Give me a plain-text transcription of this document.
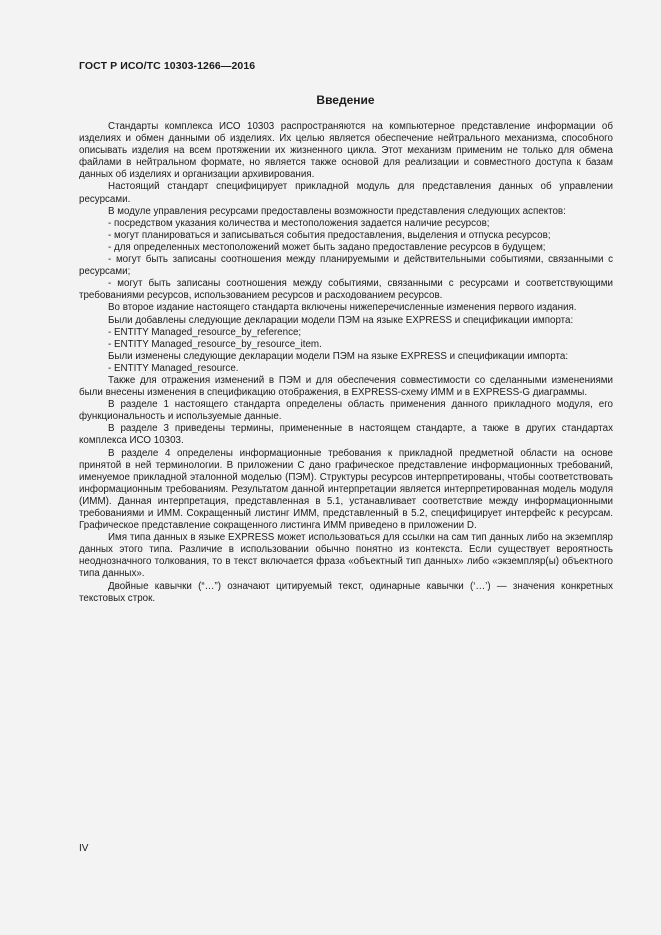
ГОСТ Р ИСО/ТС 10303-1266—2016
Введение

Стандарты комплекса ИСО 10303 распространяются на компьютерное представление информации об изделиях и обмен данными об изделиях. Их целью является обеспечение нейтрального механизма, способного описывать изделия на всем протяжении их жизненного цикла. Этот механизм применим не только для обмена файлами в нейтральном формате, но является также основой для реализации и совместного доступа к базам данных об изделиях и организации архивирования.

Настоящий стандарт специфицирует прикладной модуль для представления данных об управлении ресурсами.

В модуле управления ресурсами предоставлены возможности представления следующих аспектов:

- посредством указания количества и местоположения задается наличие ресурсов;

- могут планироваться и записываться события предоставления, выделения и отпуска ресурсов;

- для определенных местоположений может быть задано предоставление ресурсов в будущем;

- могут быть записаны соотношения между планируемыми и действительными событиями, связанными с ресурсами;

- могут быть записаны соотношения между событиями, связанными с ресурсами и соответствующими требованиями ресурсов, использованием ресурсов и расходованием ресурсов.

Во второе издание настоящего стандарта включены нижеперечисленные изменения первого издания.

Были добавлены следующие декларации модели ПЭМ на языке EXPRESS и спецификации импорта:

- ENTITY Managed_resource_by_reference;

- ENTITY Managed_resource_by_resource_item.

Были изменены следующие декларации модели ПЭМ на языке EXPRESS и спецификации импорта:

- ENTITY Managed_resource.

Также для отражения изменений в ПЭМ и для обеспечения совместимости со сделанными изменениями были внесены изменения в спецификацию отображения, в EXPRESS-схему ИММ и в EXPRESS-G диаграммы.

В разделе 1 настоящего стандарта определены область применения данного прикладного модуля, его функциональность и используемые данные.

В разделе 3 приведены термины, примененные в настоящем стандарте, а также в других стандартах комплекса ИСО 10303.

В разделе 4 определены информационные требования к прикладной предметной области на основе принятой в ней терминологии. В приложении С дано графическое представление информационных требований, именуемое прикладной эталонной моделью (ПЭМ). Структуры ресурсов интерпретированы, чтобы соответствовать информационным требованиям. Результатом данной интерпретации является интерпретированная модель модуля (ИММ). Данная интерпретация, представленная в 5.1, устанавливает соответствие между информационными требованиями и ИММ. Сокращенный листинг ИММ, представленный в 5.2, специфицирует интерфейс к ресурсам. Графическое представление сокращенного листинга ИММ приведено в приложении D.

Имя типа данных в языке EXPRESS может использоваться для ссылки на сам тип данных либо на экземпляр данных этого типа. Различие в использовании обычно понятно из контекста. Если существует вероятность неоднозначного толкования, то в текст включается фраза «объектный тип данных» либо «экземпляр(ы) объектного типа данных».

Двойные кавычки (“…”) означают цитируемый текст, одинарные кавычки (‘…’) — значения конкретных текстовых строк.

IV
